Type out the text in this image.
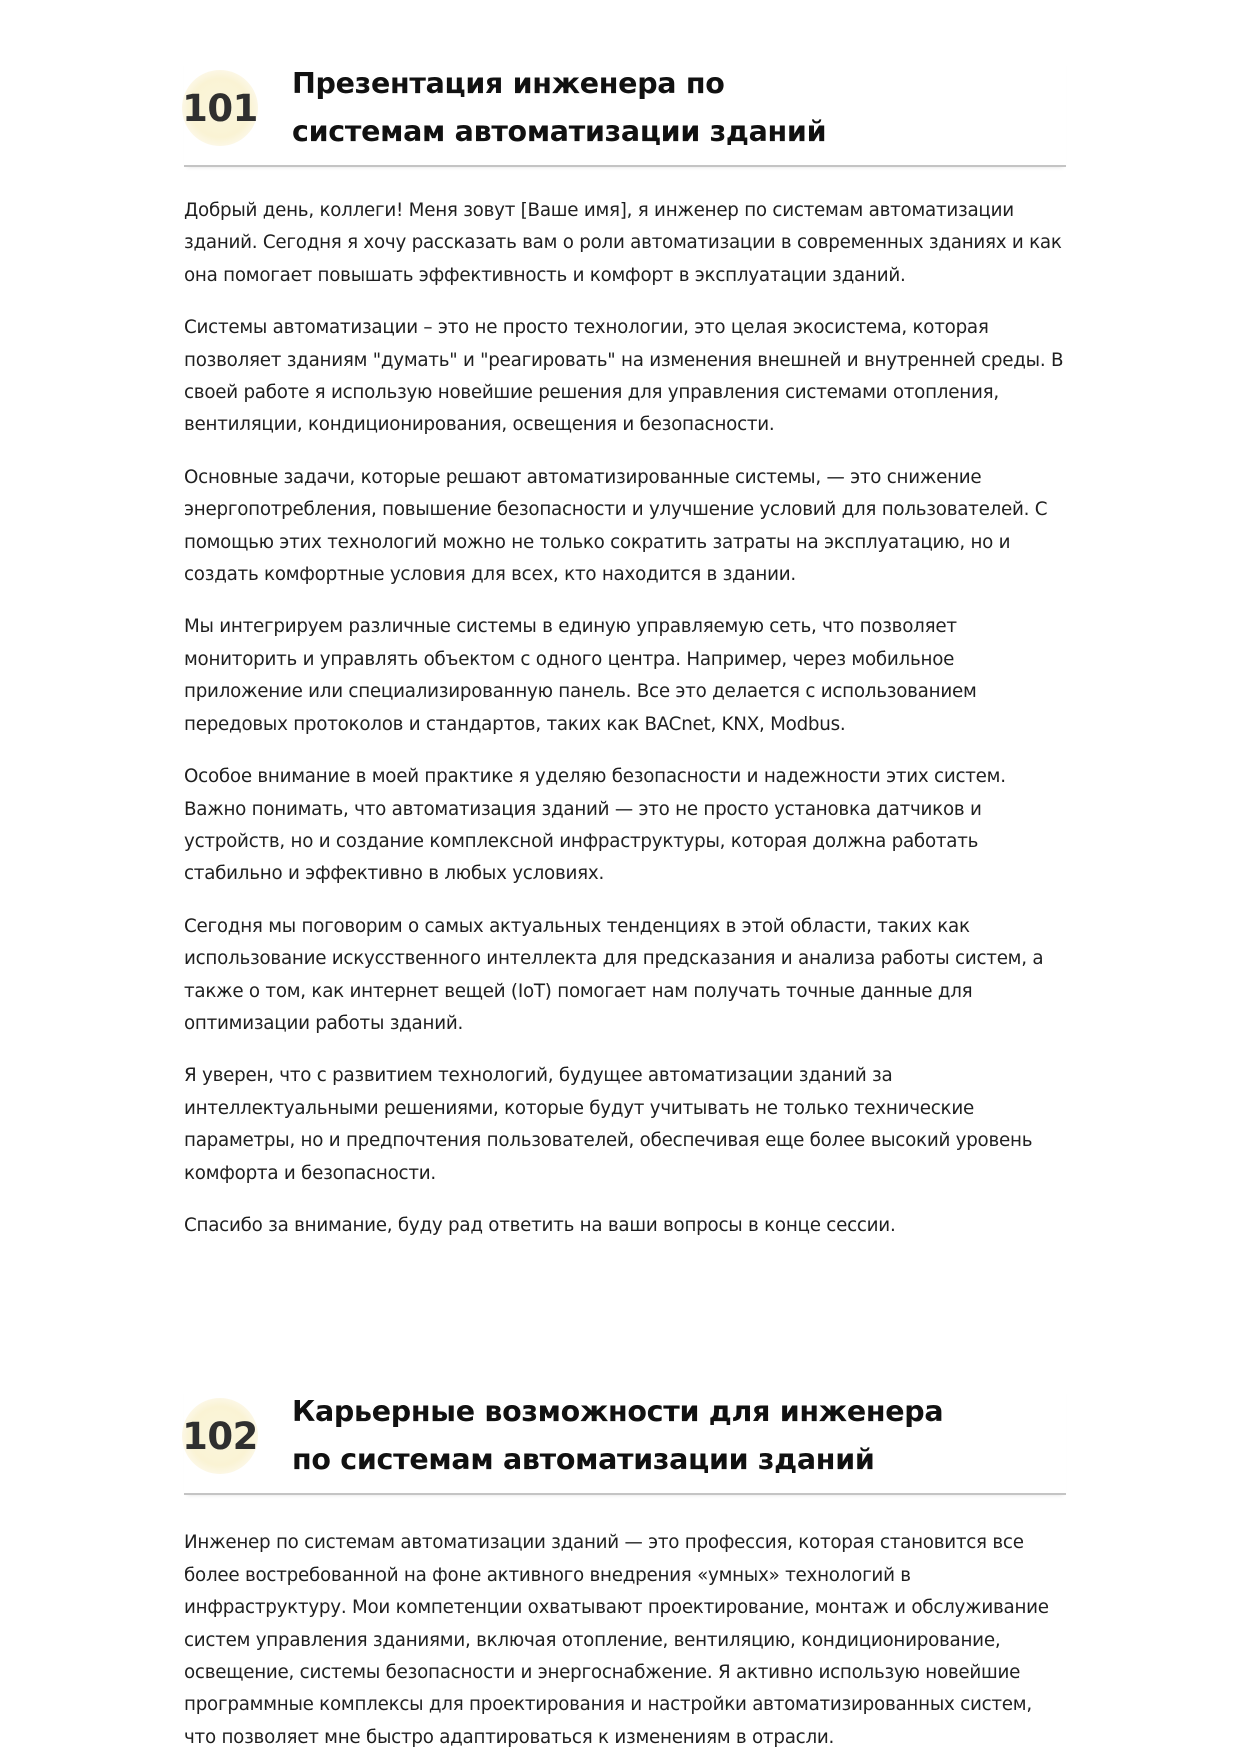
101
Презентация инженера по системам автоматизации зданий

Добрый день, коллеги! Меня зовут [Ваше имя], я инженер по системам автоматизации зданий. Сегодня я хочу рассказать вам о роли автоматизации в современных зданиях и как она помогает повышать эффективность и комфорт в эксплуатации зданий.

Системы автоматизации – это не просто технологии, это целая экосистема, которая позволяет зданиям "думать" и "реагировать" на изменения внешней и внутренней среды. В своей работе я использую новейшие решения для управления системами отопления, вентиляции, кондиционирования, освещения и безопасности.

Основные задачи, которые решают автоматизированные системы, — это снижение энергопотребления, повышение безопасности и улучшение условий для пользователей. С помощью этих технологий можно не только сократить затраты на эксплуатацию, но и создать комфортные условия для всех, кто находится в здании.

Мы интегрируем различные системы в единую управляемую сеть, что позволяет мониторить и управлять объектом с одного центра. Например, через мобильное приложение или специализированную панель. Все это делается с использованием передовых протоколов и стандартов, таких как BACnet, KNX, Modbus.

Особое внимание в моей практике я уделяю безопасности и надежности этих систем. Важно понимать, что автоматизация зданий — это не просто установка датчиков и устройств, но и создание комплексной инфраструктуры, которая должна работать стабильно и эффективно в любых условиях.

Сегодня мы поговорим о самых актуальных тенденциях в этой области, таких как использование искусственного интеллекта для предсказания и анализа работы систем, а также о том, как интернет вещей (IoT) помогает нам получать точные данные для оптимизации работы зданий.

Я уверен, что с развитием технологий, будущее автоматизации зданий за интеллектуальными решениями, которые будут учитывать не только технические параметры, но и предпочтения пользователей, обеспечивая еще более высокий уровень комфорта и безопасности.

Спасибо за внимание, буду рад ответить на ваши вопросы в конце сессии.

102
Карьерные возможности для инженера по системам автоматизации зданий

Инженер по системам автоматизации зданий — это профессия, которая становится все более востребованной на фоне активного внедрения «умных» технологий в инфраструктуру. Мои компетенции охватывают проектирование, монтаж и обслуживание систем управления зданиями, включая отопление, вентиляцию, кондиционирование, освещение, системы безопасности и энергоснабжение. Я активно использую новейшие программные комплексы для проектирования и настройки автоматизированных систем, что позволяет мне быстро адаптироваться к изменениям в отрасли.
